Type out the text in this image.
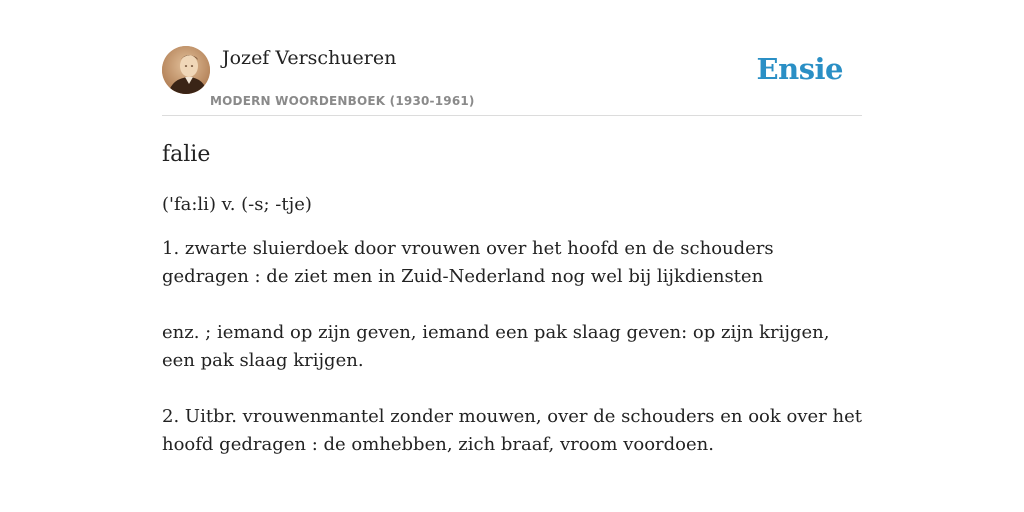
Jozef Verschueren
MODERN WOORDENBOEK (1930-1961)
Ensie
falie
('fa:li) v. (-s; -tje)

1. zwarte sluierdoek door vrouwen over het hoofd en de schouders gedragen : de ziet men in Zuid-Nederland nog wel bij lijkdiensten

enz. ; iemand op zijn geven, iemand een pak slaag geven: op zijn krijgen, een pak slaag krijgen.

2. Uitbr. vrouwenmantel zonder mouwen, over de schouders en ook over het hoofd gedragen : de omhebben, zich braaf, vroom voordoen.
